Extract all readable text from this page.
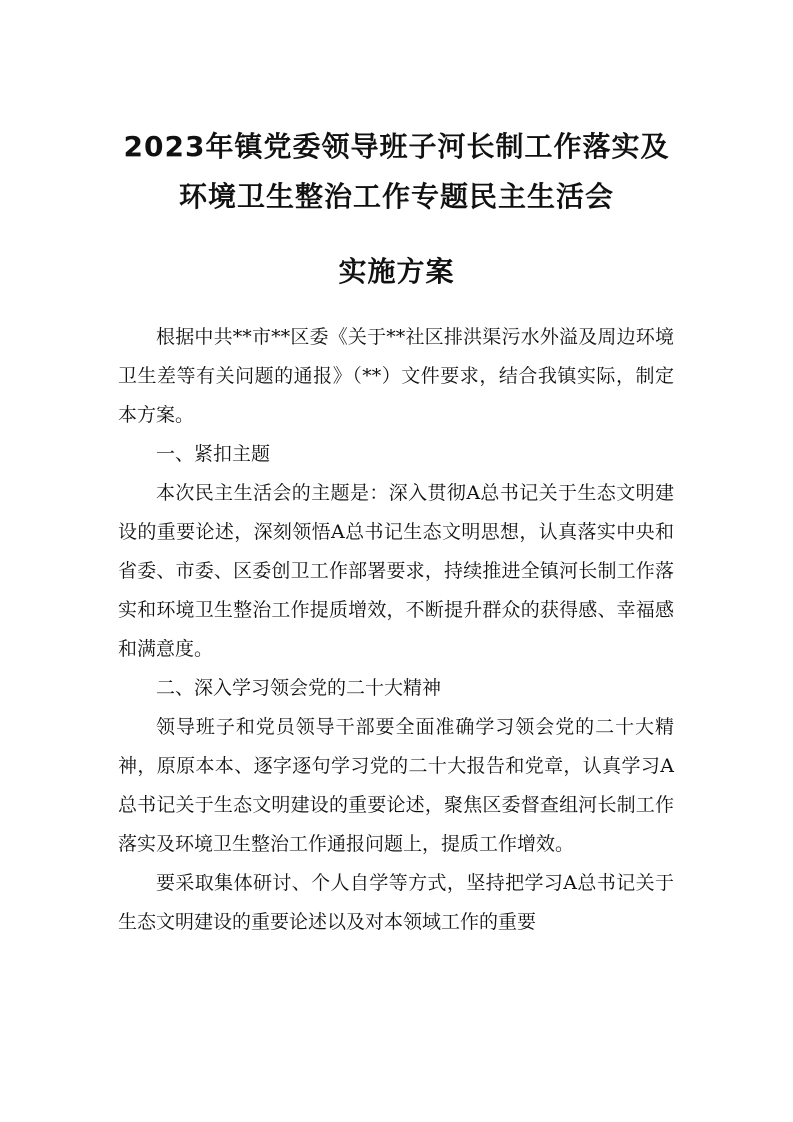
2023年镇党委领导班子河长制工作落实及
环境卫生整治工作专题民主生活会
实施方案

根据中共**市**区委《关于**社区排洪渠污水外溢及周边环境卫生差等有关问题的通报》（**）文件要求，结合我镇实际，制定本方案。

一、紧扣主题

本次民主生活会的主题是：深入贯彻A总书记关于生态文明建设的重要论述，深刻领悟A总书记生态文明思想，认真落实中央和省委、市委、区委创卫工作部署要求，持续推进全镇河长制工作落实和环境卫生整治工作提质增效，不断提升群众的获得感、幸福感和满意度。

二、深入学习领会党的二十大精神

领导班子和党员领导干部要全面准确学习领会党的二十大精神，原原本本、逐字逐句学习党的二十大报告和党章，认真学习A总书记关于生态文明建设的重要论述，聚焦区委督查组河长制工作落实及环境卫生整治工作通报问题上，提质工作增效。

要采取集体研讨、个人自学等方式，坚持把学习A总书记关于生态文明建设的重要论述以及对本领域工作的重要
